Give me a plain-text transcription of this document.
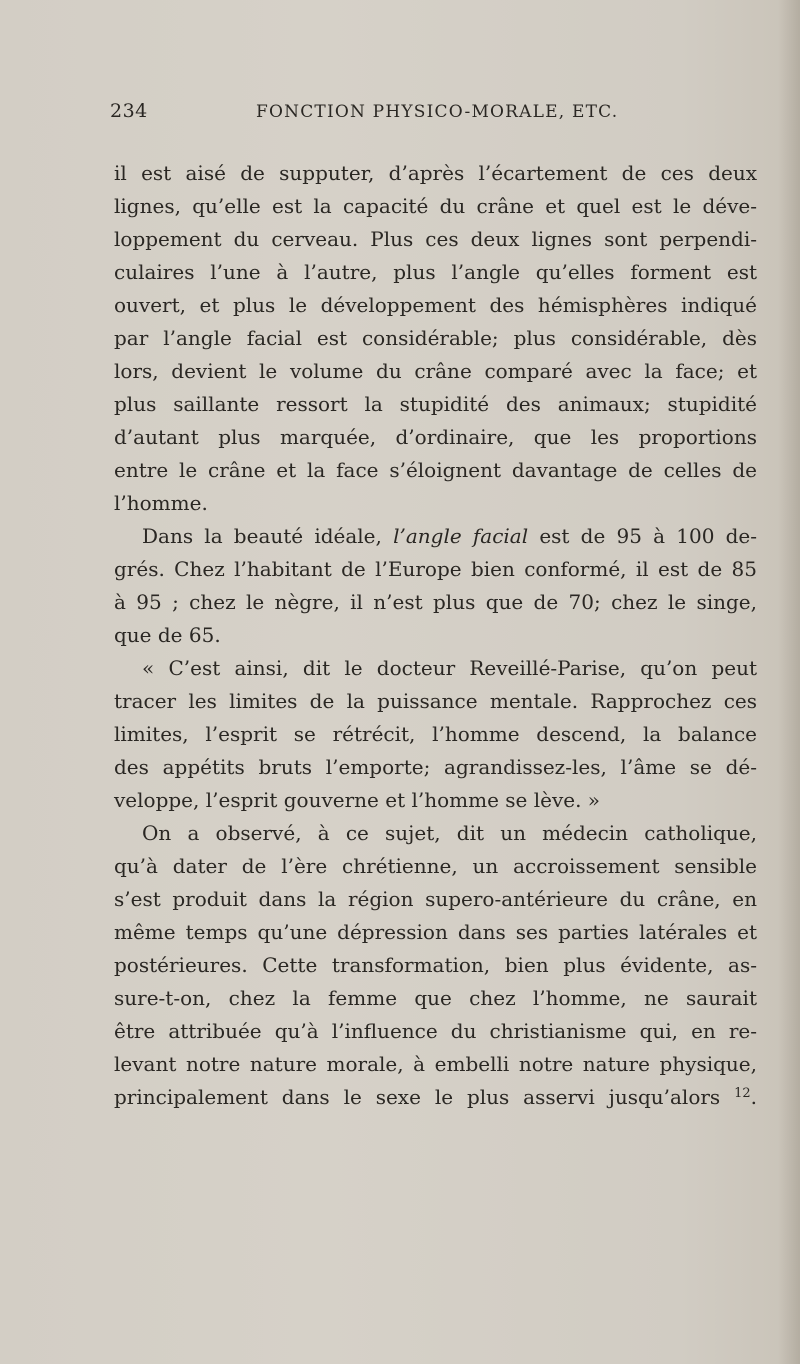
234	FONCTION PHYSICO-MORALE, ETC.
il est aisé de supputer, d’après l’écartement de ces deux
lignes, qu’elle est la capacité du crâne et quel est le déve-
loppement du cerveau. Plus ces deux lignes sont perpendi-
culaires l’une à l’autre, plus l’angle qu’elles forment est
ouvert, et plus le développement des hémisphères indiqué
par l’angle facial est considérable; plus considérable, dès
lors, devient le volume du crâne comparé avec la face; et
plus saillante ressort la stupidité des animaux; stupidité
d’autant plus marquée, d’ordinaire, que les proportions
entre le crâne et la face s’éloignent davantage de celles de
l’homme.
Dans la beauté idéale, l’angle facial est de 95 à 100 de-
grés. Chez l’habitant de l’Europe bien conformé, il est de 85
à 95 ; chez le nègre, il n’est plus que de 70; chez le singe,
que de 65.
« C’est ainsi, dit le docteur Reveillé-Parise, qu’on peut
tracer les limites de la puissance mentale. Rapprochez ces
limites, l’esprit se rétrécit, l’homme descend, la balance
des appétits bruts l’emporte; agrandissez-les, l’âme se dé-
veloppe, l’esprit gouverne et l’homme se lève. »
On a observé, à ce sujet, dit un médecin catholique,
qu’à dater de l’ère chrétienne, un accroissement sensible
s’est produit dans la région supero-antérieure du crâne, en
même temps qu’une dépression dans ses parties latérales et
postérieures. Cette transformation, bien plus évidente, as-
sure-t-on, chez la femme que chez l’homme, ne saurait
être attribuée qu’à l’influence du christianisme qui, en re-
levant notre nature morale, à embelli notre nature physique,
principalement dans le sexe le plus asservi jusqu’alors $^{12}$.
